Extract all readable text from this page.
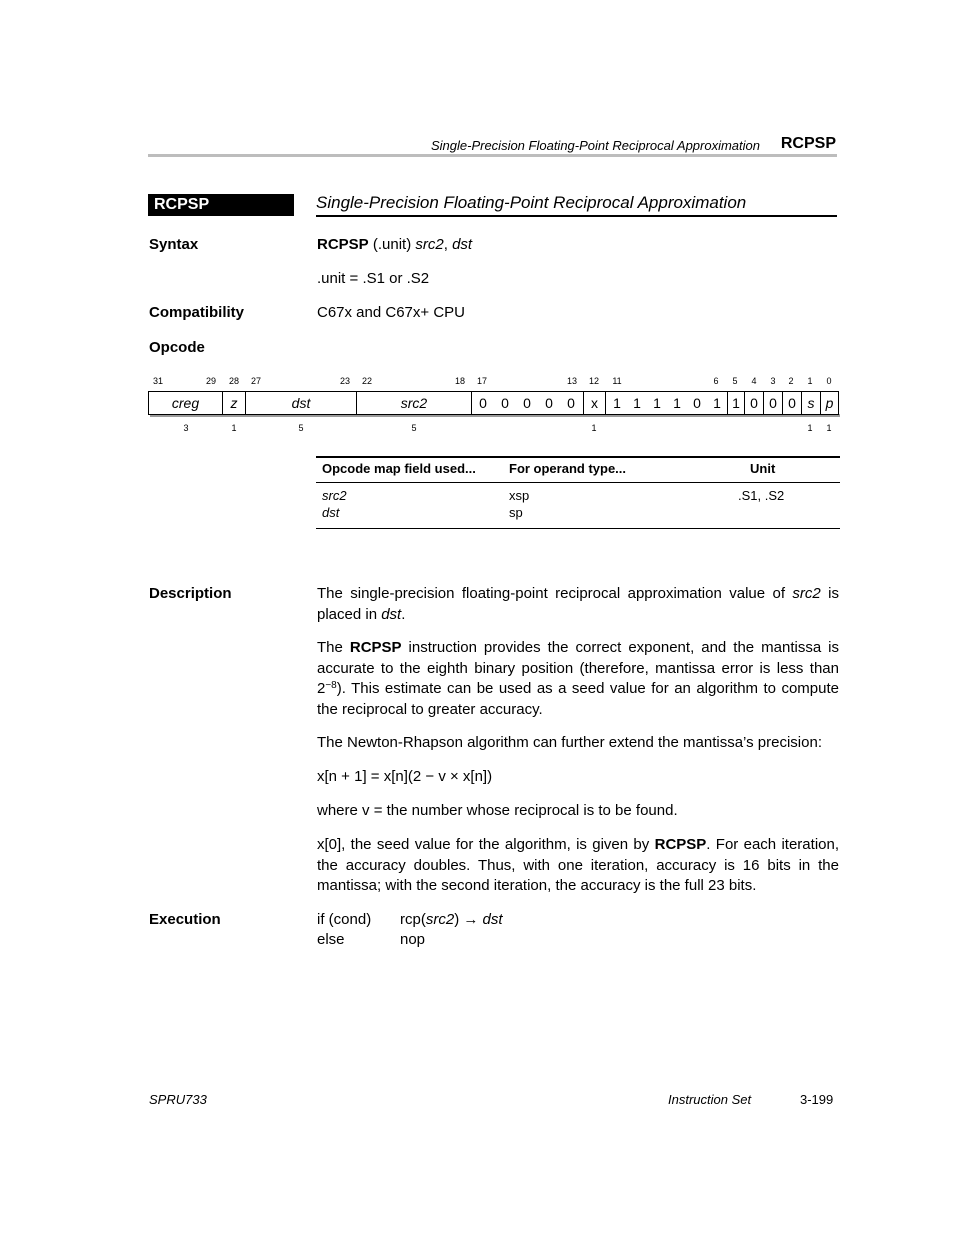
Single-Precision Floating-Point Reciprocal Approximation RCPSP
RCPSP	Single-Precision Floating-Point Reciprocal Approximation
Syntax	RCPSP (.unit) src2, dst
.unit = .S1 or .S2
Compatibility	C67x and C67x+ CPU
Opcode
31	29 28 27	23 22	18 17	13 12 11	6 5 4 3 2 1 0
creg	z	dst	src2	0 0 0 0 0	x	1 1 1 1 0 1 1 0 0 0 s p
3	1	5	5	1	1 1
Opcode map field used...	For operand type...	Unit
src2	xsp	.S1, .S2
dst	sp
Description	The single-precision floating-point reciprocal approximation value of src2 is placed in dst.

The RCPSP instruction provides the correct exponent, and the mantissa is accurate to the eighth binary position (therefore, mantissa error is less than $2^{-8}$). This estimate can be used as a seed value for an algorithm to compute the reciprocal to greater accuracy.

The Newton-Rhapson algorithm can further extend the mantissa’s precision:

x[n + 1] = x[n](2 − v × x[n])

where v = the number whose reciprocal is to be found.

x[0], the seed value for the algorithm, is given by RCPSP. For each iteration, the accuracy doubles. Thus, with one iteration, accuracy is 16 bits in the mantissa; with the second iteration, the accuracy is the full 23 bits.

Execution	if (cond) rcp(src2) → dst
else	nop
SPRU733	Instruction Set	3-199
